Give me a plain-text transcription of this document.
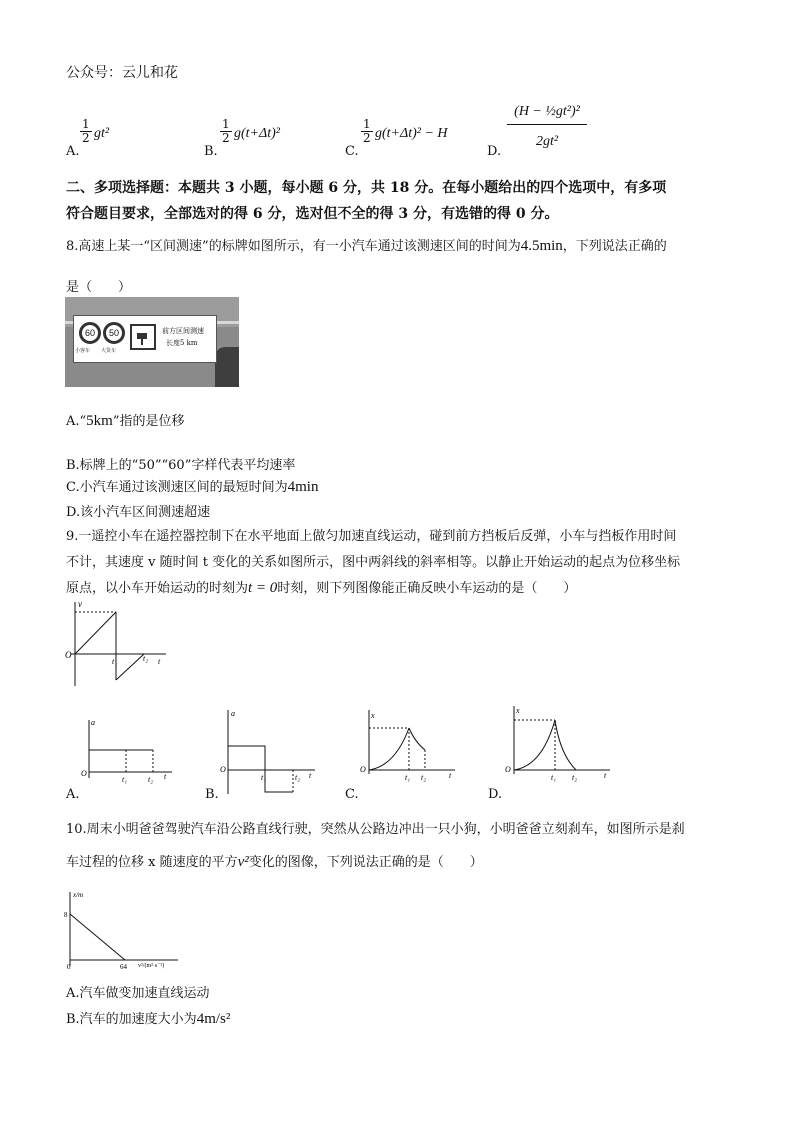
公众号：云儿和花
A.
$\frac{1}{2} gt^2$
B.
$\frac{1}{2} g(t+\Delta t)^2$
C.
$\frac{1}{2} g(t+\Delta t)^2 - H$
D.
(H − ½gt²)²
2gt²
二、多项选择题：本题共 3 小题，每小题 6 分，共 18 分。在每小题给出的四个选项中，有多项
符合题目要求，全部选对的得 6 分，选对但不全的得 3 分，有选错的得 0 分。
8.高速上某一“区间测速”的标牌如图所示，有一小汽车通过该测速区间的时间为4.5min，下列说法正确的
是（　　）
60	50
小客车 大货车
前方区间测速
长度5 km
A.“5km”指的是位移
B.标牌上的“50”“60”字样代表平均速率
C.小汽车通过该测速区间的最短时间为4min
D.该小汽车区间测速超速
9.一遥控小车在遥控器控制下在水平地面上做匀加速直线运动，碰到前方挡板后反弹，小车与挡板作用时间
不计，其速度 v 随时间 t 变化的关系如图所示，图中两斜线的斜率相等。以静止开始运动的起点为位移坐标
原点，以小车开始运动的时刻为t = 0时刻，则下列图像能正确反映小车运动的是（　　）
v
O
t₁	t₂ t
a
O
t₁	t₂ t
A.
a
O
t₁	t₂ t
B.
x
O
t₁ t₂	t
C.
x
O
t₁ t₂	t
D.
10.周末小明爸爸驾驶汽车沿公路直线行驶，突然从公路边冲出一只小狗，小明爸爸立刻刹车，如图所示是刹
车过程的位移 x 随速度的平方v²变化的图像，下列说法正确的是（　　）
x/m
8
0	64 v²/(m²·s⁻²)
A.汽车做变加速直线运动
B.汽车的加速度大小为4m/s²
